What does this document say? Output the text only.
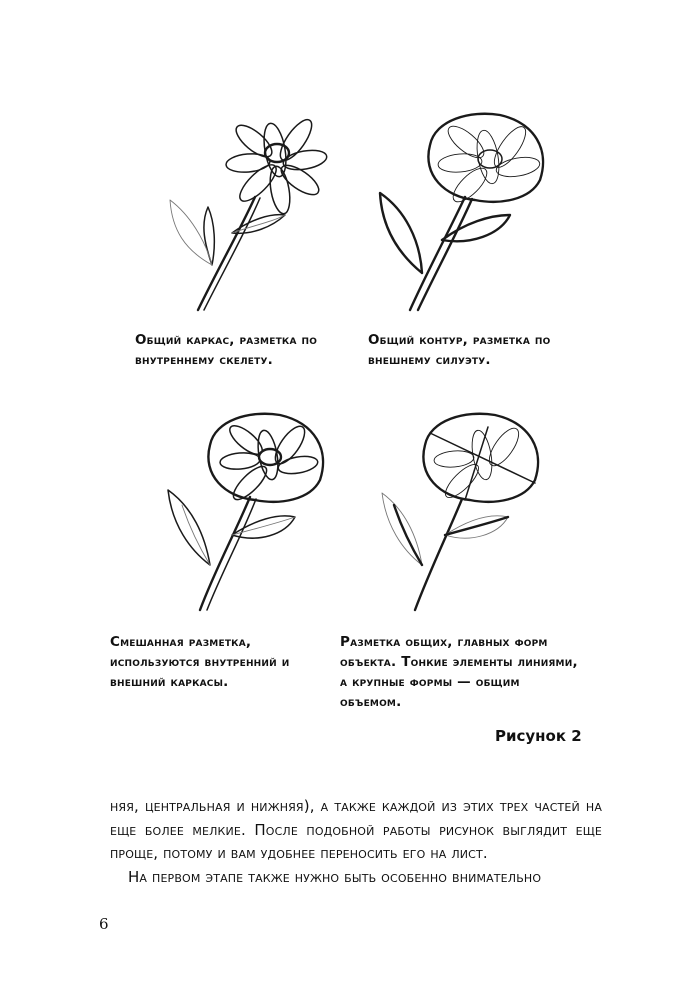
Общий каркас, разметка по внутреннему скелету.
Общий контур, разметка по внешнему силуэту.
Смешанная разметка, используются внутренний и внешний каркасы.
Разметка общих, главных форм объекта. Тонкие элементы линиями, а крупные формы — общим объемом.
Рисунок 2

няя, центральная и нижняя), а также каждой из этих трех частей на еще более мелкие. После подобной работы рисунок выглядит еще проще, потому и вам удобнее переносить его на лист.

На первом этапе также нужно быть особенно внимательно

6
